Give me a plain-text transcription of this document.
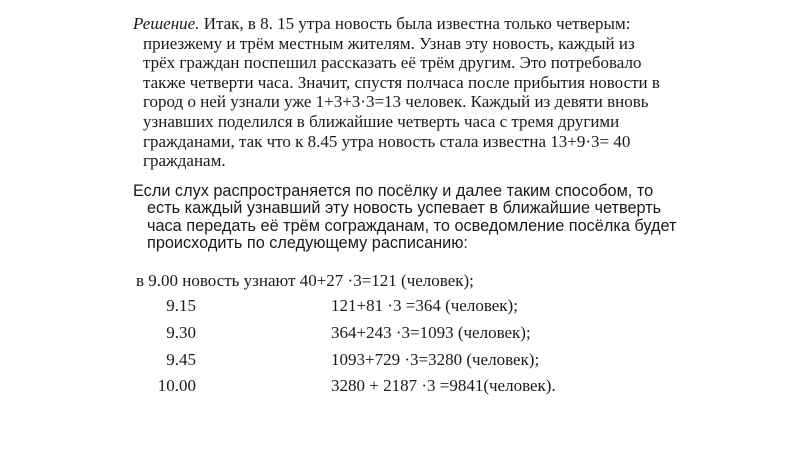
Решение. Итак, в 8. 15 утра новость была известна только четверым: приезжему и трём местным жителям. Узнав эту новость, каждый из трёх граждан поспешил рассказать её трём другим. Это потребовало также четверти часа. Значит, спустя полчаса после прибытия новости в город о ней узнали уже 1+3+3·3=13 человек. Каждый из девяти вновь узнавших поделился в ближайшие четверть часа с тремя другими гражданами, так что к 8.45 утра новость стала известна 13+9·3= 40 гражданам.
Если слух распространяется по посёлку и далее таким способом, то есть каждый узнавший эту новость успевает в ближайшие четверть часа передать её трём согражданам, то осведомление посёлка будет происходить по следующему расписанию:
в 9.00 новость узнают 40+27 ·3=121 (человек);
9.15	121+81 ·3 =364 (человек);
9.30	364+243 ·3=1093 (человек);
9.45	1093+729 ·3=3280 (человек);
10.00	3280 + 2187 ·3 =9841(человек).
